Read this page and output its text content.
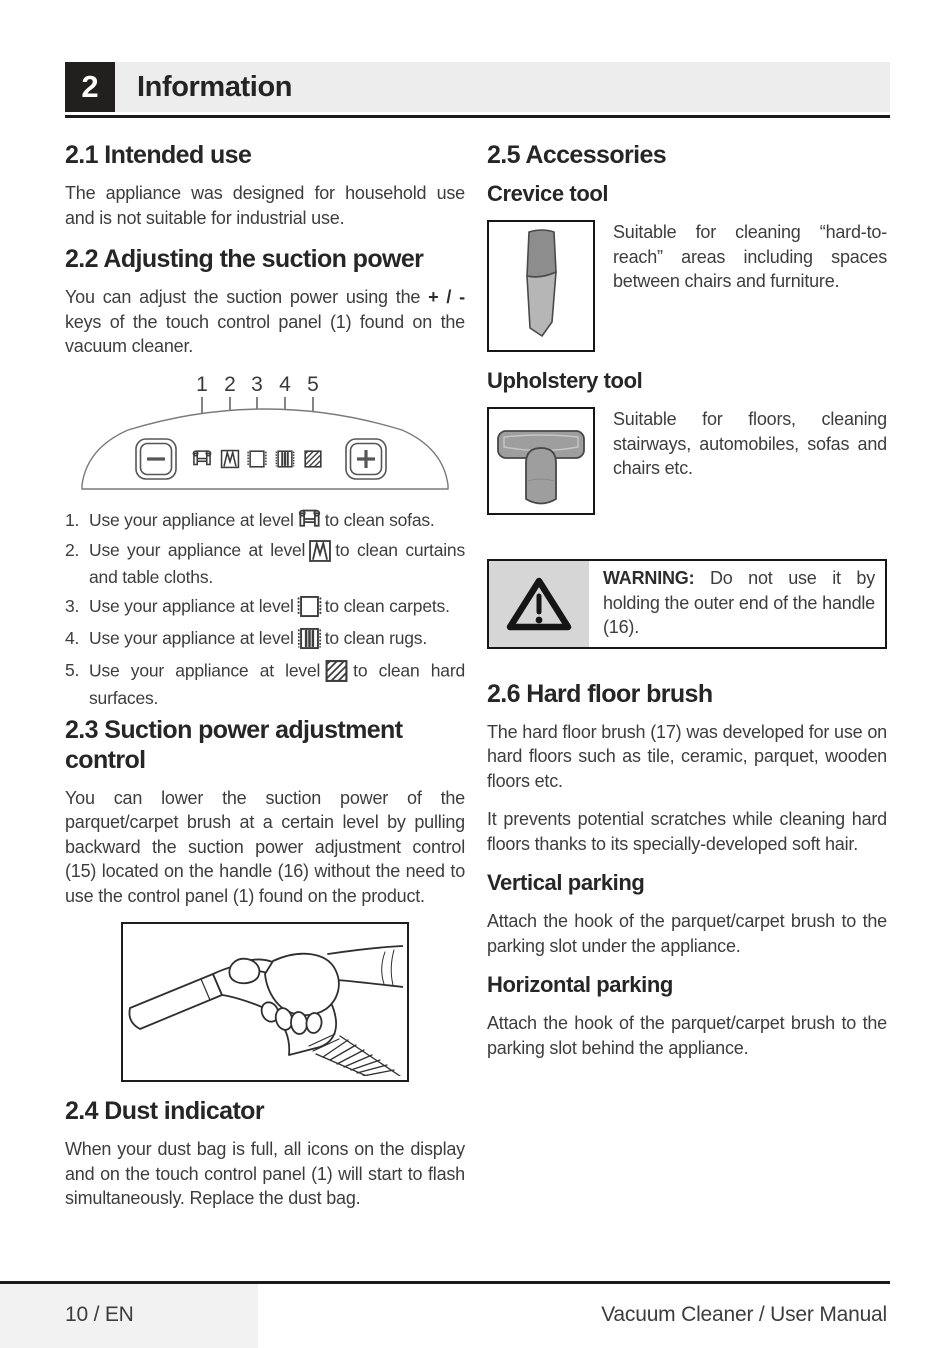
2 Information
2.1 Intended use

The appliance was designed for household use and is not suitable for industrial use.

2.2 Adjusting the suction power

You can adjust the suction power using the + / - keys of the touch control panel (1) found on the vacuum cleaner.

1 2 3 4 5
1. Use your appliance at level to clean sofas.
2. Use your appliance at level to clean curtains and table cloths.
3. Use your appliance at level to clean carpets.
4. Use your appliance at level to clean rugs.
5. Use your appliance at level to clean hard surfaces.
2.3 Suction power adjustment control

You can lower the suction power of the parquet/carpet brush at a certain level by pulling backward the suction power adjustment control (15) located on the handle (16) without the need to use the control panel (1) found on the product.

2.4 Dust indicator

When your dust bag is full, all icons on the display and on the touch control panel (1) will start to flash simultaneously. Replace the dust bag.

2.5 Accessories
Crevice tool
Suitable for cleaning “hard-to-reach” areas including spaces between chairs and furniture.
Upholstery tool
Suitable for floors, cleaning stairways, automobiles, sofas and chairs etc.
WARNING: Do not use it by holding the outer end of the handle (16).
2.6 Hard floor brush

The hard floor brush (17) was developed for use on hard floors such as tile, ceramic, parquet, wooden floors etc.

It prevents potential scratches while cleaning hard floors thanks to its specially-developed soft hair.

Vertical parking

Attach the hook of the parquet/carpet brush to the parking slot under the appliance.

Horizontal parking

Attach the hook of the parquet/carpet brush to the parking slot behind the appliance.

10 / EN	Vacuum Cleaner / User Manual
